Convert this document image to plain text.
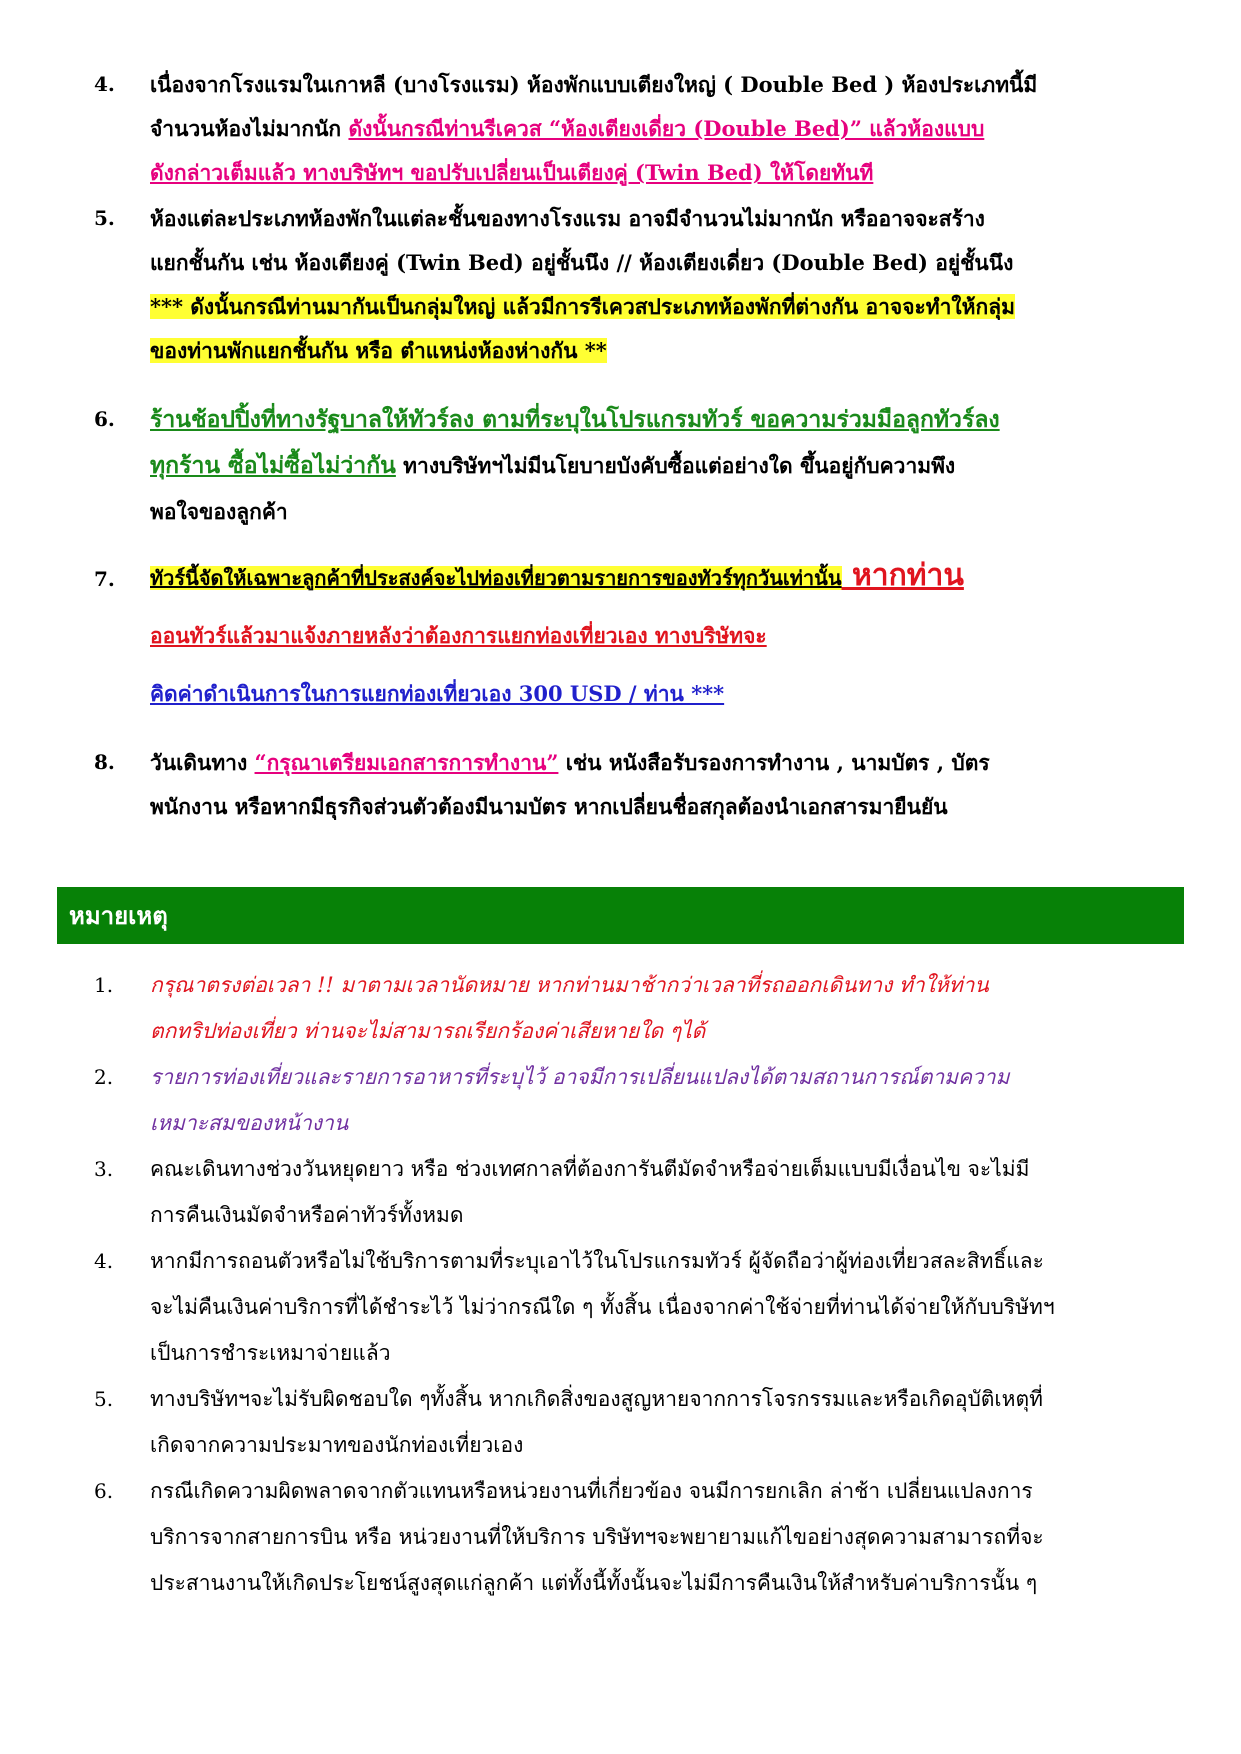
4.	เนื่องจากโรงแรมในเกาหลี (บางโรงแรม) ห้องพักแบบเตียงใหญ่ ( Double Bed ) ห้องประเภทนี้มี
จำนวนห้องไม่มากนัก ดังนั้นกรณีท่านรีเควส “ห้องเตียงเดี่ยว (Double Bed)” แล้วห้องแบบ
ดังกล่าวเต็มแล้ว ทางบริษัทฯ ขอปรับเปลี่ยนเป็นเตียงคู่ (Twin Bed) ให้โดยทันที
5.	ห้องแต่ละประเภทห้องพักในแต่ละชั้นของทางโรงแรม อาจมีจำนวนไม่มากนัก หรืออาจจะสร้าง
แยกชั้นกัน เช่น ห้องเตียงคู่ (Twin Bed) อยู่ชั้นนึง // ห้องเตียงเดี่ยว (Double Bed) อยู่ชั้นนึง
*** ดังนั้นกรณีท่านมากันเป็นกลุ่มใหญ่ แล้วมีการรีเควสประเภทห้องพักที่ต่างกัน อาจจะทำให้กลุ่ม
ของท่านพักแยกชั้นกัน หรือ ตำแหน่งห้องห่างกัน **
6.	ร้านช้อปปิ้งที่ทางรัฐบาลให้ทัวร์ลง ตามที่ระบุในโปรแกรมทัวร์ ขอความร่วมมือลูกทัวร์ลง
ทุกร้าน ซื้อไม่ซื้อไม่ว่ากัน ทางบริษัทฯไม่มีนโยบายบังคับซื้อแต่อย่างใด ขึ้นอยู่กับความพึง
พอใจของลูกค้า
7.	ทัวร์นี้จัดให้เฉพาะลูกค้าที่ประสงค์จะไปท่องเที่ยวตามรายการของทัวร์ทุกวันเท่านั้น หากท่าน
ออนทัวร์แล้วมาแจ้งภายหลังว่าต้องการแยกท่องเที่ยวเอง ทางบริษัทจะ
คิดค่าดำเนินการในการแยกท่องเที่ยวเอง 300 USD / ท่าน ***
8.	วันเดินทาง “กรุณาเตรียมเอกสารการทำงาน” เช่น หนังสือรับรองการทำงาน , นามบัตร , บัตร
พนักงาน หรือหากมีธุรกิจส่วนตัวต้องมีนามบัตร หากเปลี่ยนชื่อสกุลต้องนำเอกสารมายืนยัน
หมายเหตุ
1.	กรุณาตรงต่อเวลา !! มาตามเวลานัดหมาย หากท่านมาช้ากว่าเวลาที่รถออกเดินทาง ทำให้ท่าน
ตกทริปท่องเที่ยว ท่านจะไม่สามารถเรียกร้องค่าเสียหายใด ๆได้
2.	รายการท่องเที่ยวและรายการอาหารที่ระบุไว้ อาจมีการเปลี่ยนแปลงได้ตามสถานการณ์ตามความ
เหมาะสมของหน้างาน
3.	คณะเดินทางช่วงวันหยุดยาว หรือ ช่วงเทศกาลที่ต้องการันตีมัดจำหรือจ่ายเต็มแบบมีเงื่อนไข จะไม่มี
การคืนเงินมัดจำหรือค่าทัวร์ทั้งหมด
4.	หากมีการถอนตัวหรือไม่ใช้บริการตามที่ระบุเอาไว้ในโปรแกรมทัวร์ ผู้จัดถือว่าผู้ท่องเที่ยวสละสิทธิ์และ
จะไม่คืนเงินค่าบริการที่ได้ชำระไว้ ไม่ว่ากรณีใด ๆ ทั้งสิ้น เนื่องจากค่าใช้จ่ายที่ท่านได้จ่ายให้กับบริษัทฯ
เป็นการชำระเหมาจ่ายแล้ว
5.	ทางบริษัทฯจะไม่รับผิดชอบใด ๆทั้งสิ้น หากเกิดสิ่งของสูญหายจากการโจรกรรมและหรือเกิดอุบัติเหตุที่
เกิดจากความประมาทของนักท่องเที่ยวเอง
6.	กรณีเกิดความผิดพลาดจากตัวแทนหรือหน่วยงานที่เกี่ยวข้อง จนมีการยกเลิก ล่าช้า เปลี่ยนแปลงการ
บริการจากสายการบิน หรือ หน่วยงานที่ให้บริการ บริษัทฯจะพยายามแก้ไขอย่างสุดความสามารถที่จะ
ประสานงานให้เกิดประโยชน์สูงสุดแก่ลูกค้า แต่ทั้งนี้ทั้งนั้นจะไม่มีการคืนเงินให้สำหรับค่าบริการนั้น ๆ
